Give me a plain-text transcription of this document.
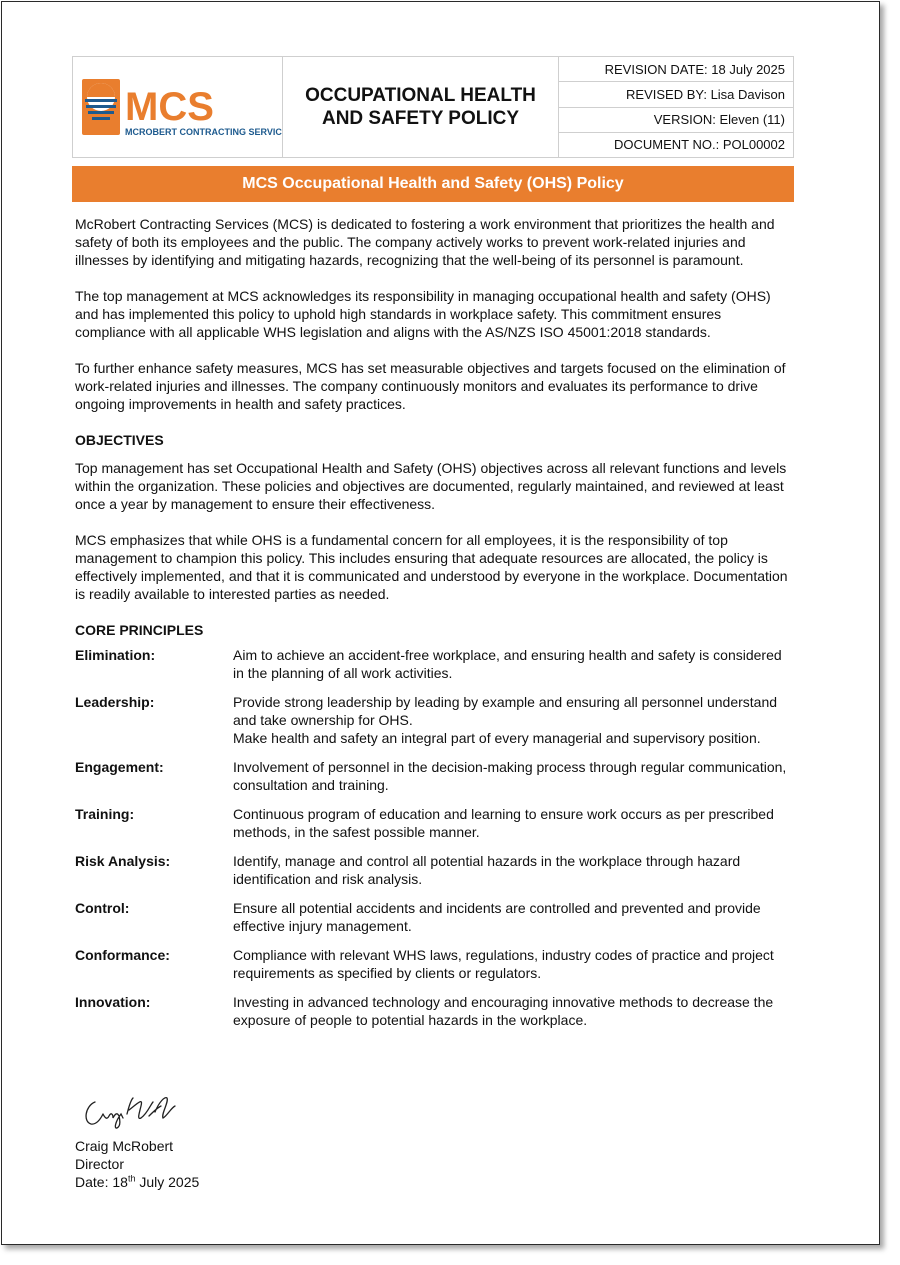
MCS
MCROBERT CONTRACTING SERVICES
OCCUPATIONAL HEALTH
AND SAFETY POLICY
REVISION DATE: 18 July 2025
REVISED BY: Lisa Davison
VERSION: Eleven (11)
DOCUMENT NO.: POL00002
MCS Occupational Health and Safety (OHS) Policy

McRobert Contracting Services (MCS) is dedicated to fostering a work environment that prioritizes the health and safety of both its employees and the public. The company actively works to prevent work-related injuries and illnesses by identifying and mitigating hazards, recognizing that the well-being of its personnel is paramount.

The top management at MCS acknowledges its responsibility in managing occupational health and safety (OHS) and has implemented this policy to uphold high standards in workplace safety. This commitment ensures compliance with all applicable WHS legislation and aligns with the AS/NZS ISO 45001:2018 standards.

To further enhance safety measures, MCS has set measurable objectives and targets focused on the elimination of work-related injuries and illnesses. The company continuously monitors and evaluates its performance to drive ongoing improvements in health and safety practices.

OBJECTIVES

Top management has set Occupational Health and Safety (OHS) objectives across all relevant functions and levels within the organization. These policies and objectives are documented, regularly maintained, and reviewed at least once a year by management to ensure their effectiveness.

MCS emphasizes that while OHS is a fundamental concern for all employees, it is the responsibility of top management to champion this policy. This includes ensuring that adequate resources are allocated, the policy is effectively implemented, and that it is communicated and understood by everyone in the workplace. Documentation is readily available to interested parties as needed.

CORE PRINCIPLES
Elimination:	Aim to achieve an accident-free workplace, and ensuring health and safety is considered in the planning of all work activities.
Leadership:	Provide strong leadership by leading by example and ensuring all personnel understand and take ownership for OHS.
Make health and safety an integral part of every managerial and supervisory position.
Engagement:	Involvement of personnel in the decision-making process through regular communication, consultation and training.
Training:	Continuous program of education and learning to ensure work occurs as per prescribed methods, in the safest possible manner.
Risk Analysis:	Identify, manage and control all potential hazards in the workplace through hazard identification and risk analysis.
Control:	Ensure all potential accidents and incidents are controlled and prevented and provide effective injury management.
Conformance:	Compliance with relevant WHS laws, regulations, industry codes of practice and project requirements as specified by clients or regulators.
Innovation:	Investing in advanced technology and encouraging innovative methods to decrease the exposure of people to potential hazards in the workplace.

Craig McRobert

Director

Date: 18th July 2025
